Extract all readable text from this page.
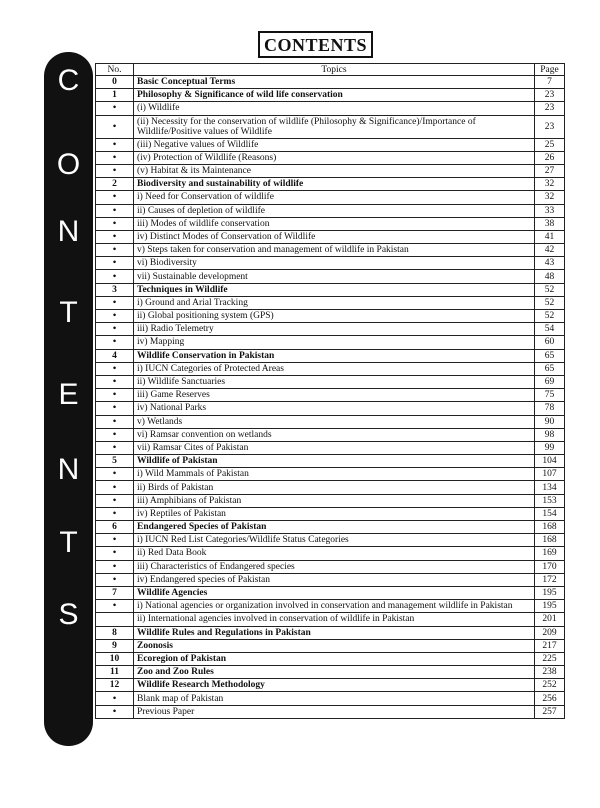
CONTENTS
C
O
N
T
E
N
T
S
No.	Topics	Page
0	Basic Conceptual Terms	7
1	Philosophy & Significance of wild life conservation	23
•	(i) Wildlife	23
•	(ii) Necessity for the conservation of wildlife (Philosophy & Significance)/Importance of Wildlife/Positive values of Wildlife	23
•	(iii) Negative values of Wildlife	25
•	(iv) Protection of Wildlife (Reasons)	26
•	(v) Habitat & its Maintenance	27
2	Biodiversity and sustainability of wildlife	32
•	i) Need for Conservation of wildlife	32
•	ii) Causes of depletion of wildlife	33
•	iii) Modes of wildlife conservation	38
•	iv) Distinct Modes of Conservation of Wildlife	41
•	v) Steps taken for conservation and management of wildlife in Pakistan	42
•	vi) Biodiversity	43
•	vii) Sustainable development	48
3	Techniques in Wildlife	52
•	i) Ground and Arial Tracking	52
•	ii) Global positioning system (GPS)	52
•	iii) Radio Telemetry	54
•	iv) Mapping	60
4	Wildlife Conservation in Pakistan	65
•	i) IUCN Categories of Protected Areas	65
•	ii) Wildlife Sanctuaries	69
•	iii) Game Reserves	75
•	iv) National Parks	78
•	v) Wetlands	90
•	vi) Ramsar convention on wetlands	98
•	vii) Ramsar Cites of Pakistan	99
5	Wildlife of Pakistan	104
•	i) Wild Mammals of Pakistan	107
•	ii) Birds of Pakistan	134
•	iii) Amphibians of Pakistan	153
•	iv) Reptiles of Pakistan	154
6	Endangered Species of Pakistan	168
•	i) IUCN Red List Categories/Wildlife Status Categories	168
•	ii) Red Data Book	169
•	iii) Characteristics of Endangered species	170
•	iv) Endangered species of Pakistan	172
7	Wildlife Agencies	195
•	i) National agencies or organization involved in conservation and management wildlife in Pakistan	195
	ii) International agencies involved in conservation of wildlife in Pakistan	201
8	Wildlife Rules and Regulations in Pakistan	209
9	Zoonosis	217
10	Ecoregion of Pakistan	225
11	Zoo and Zoo Rules	238
12	Wildlife Research Methodology	252
•	Blank map of Pakistan	256
•	Previous Paper	257
